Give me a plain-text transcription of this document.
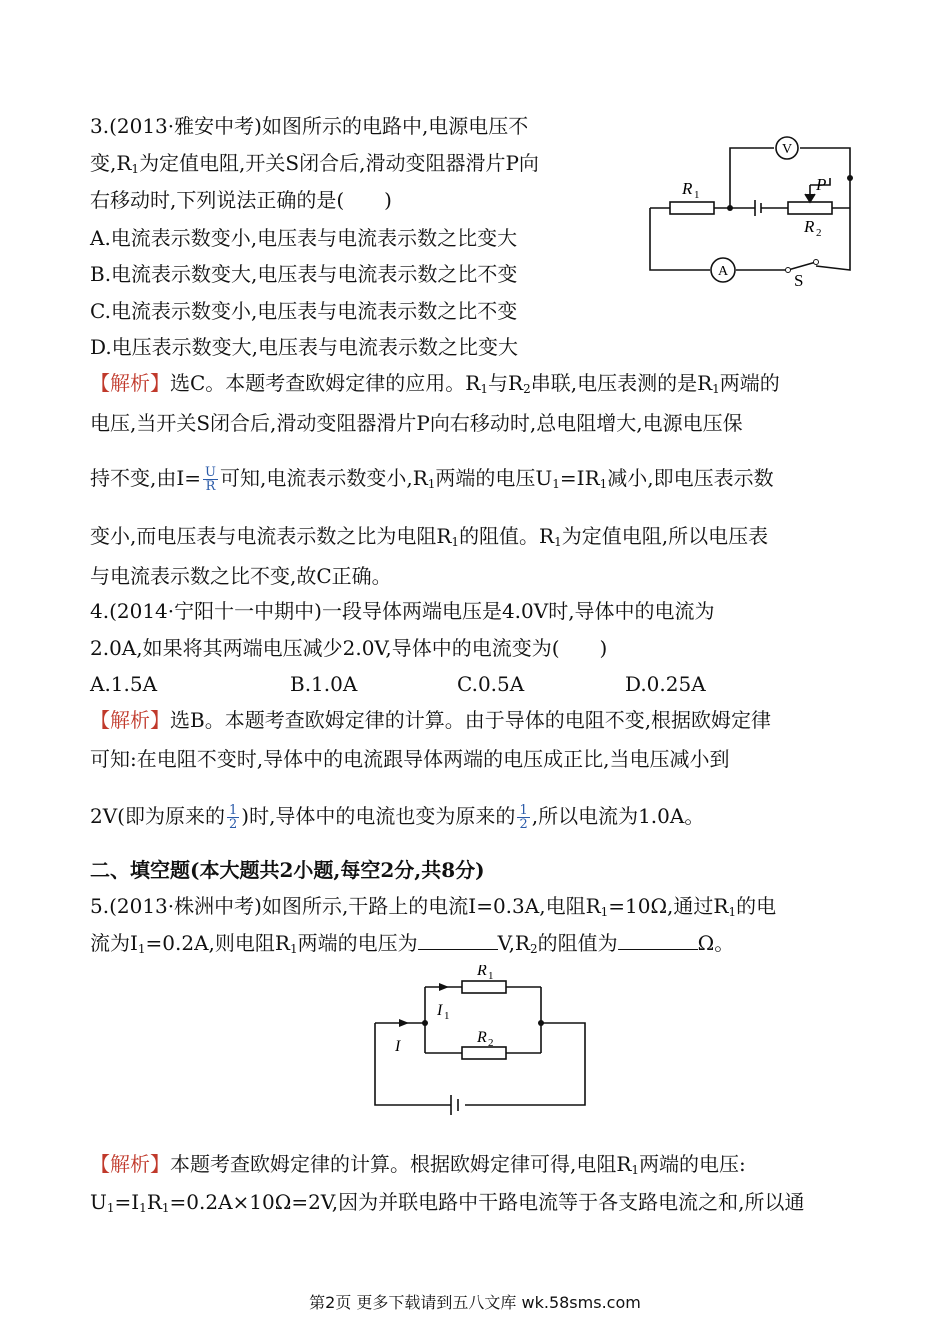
3.(2013·雅安中考)如图所示的电路中,电源电压不
变$,R_1$为定值电阻,开关S闭合后,滑动变阻器滑片P向
右移动时,下列说法正确的是(　　)
A.电流表示数变小,电压表与电流表示数之比变大
B.电流表示数变大,电压表与电流表示数之比不变
C.电流表示数变小,电压表与电流表示数之比不变
D.电压表示数变大,电压表与电流表示数之比变大
【解析】选C。本题考查欧姆定律的应用。$R_1$与$R_2$串联,电压表测的是$R_1$两端的
电压,当开关S闭合后,滑动变阻器滑片P向右移动时,总电阻增大,电源电压保
持不变,由$I= \frac{U}{R}$ 可知,电流表示数变小$,R_1$两端的电压$U_1=IR_1$减小,即电压表示数
变小,而电压表与电流表示数之比为电阻$R_1$的阻值。$R_1$为定值电阻,所以电压表
与电流表示数之比不变,故C正确。
V
A
R 1
R 2
P
S
4.(2014·宁阳十一中期中)一段导体两端电压是4.0V时,导体中的电流为
2.0A,如果将其两端电压减少2.0V,导体中的电流变为(　　)
A.1.5A	B.1.0A	C.0.5A	D.0.25A
【解析】选B。本题考查欧姆定律的计算。由于导体的电阻不变,根据欧姆定律
可知:在电阻不变时,导体中的电流跟导体两端的电压成正比,当电压减小到
2V(即为原来的 $\frac{1}{2}$ )时,导体中的电流也变为原来的 $\frac{1}{2}$ ,所以电流为1.0A。
二、填空题(本大题共2小题,每空2分,共8分)
5.(2013·株洲中考)如图所示,干路上的电流I=0.3A,电阻$R_1=10\Omega$,通过$R_1$的电
流为$I_1=0.2A$,则电阻$R_1$两端的电压为	$V,R_2$的阻值为	Ω。
R 1
R 2
I 1
I
【解析】本题考查欧姆定律的计算。根据欧姆定律可得,电阻$R_1$两端的电压:
$U_1=I_1R_1=0.2A\times 10\Omega=2V$,因为并联电路中干路电流等于各支路电流之和,所以通
第2页 更多下载请到五八文库 wk.58sms.com
